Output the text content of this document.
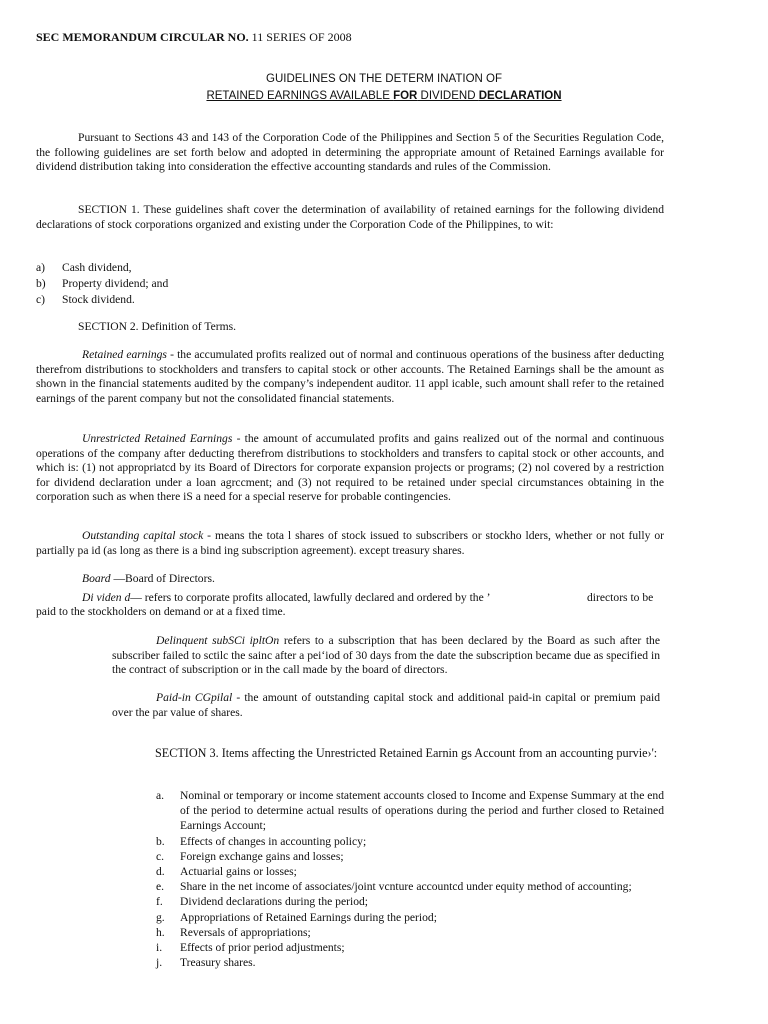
SEC MEMORANDUM CIRCULAR NO. 11 SERIES OF 2008
GUIDELINES ON THE DETERM INATION OF
RETAINED EARNINGS AVAILABLE FOR DIVIDEND DECLARATION
Pursuant to Sections 43 and 143 of the Corporation Code of the Philippines and Section 5 of the Securities Regulation Code, the following guidelines are set forth below and adopted in determining the appropriate amount of Retained Earnings available for dividend distribution taking into consideration the effective accounting standards and rules of the Commission.
SECTION 1. These guidelines shaft cover the determination of availability of retained earnings for the following dividend declarations of stock corporations organized and existing under the Corporation Code of the Philippines, to wit:
a)	Cash dividend,
b)	Property dividend; and
c)	Stock dividend.
SECTION 2. Definition of Terms.
Retained earnings - the accumulated profits realized out of normal and continuous operations of the business after deducting therefrom distributions to stockholders and transfers to capital stock or other accounts. The Retained Earnings shall be the amount as shown in the financial statements audited by the company’s independent auditor. 11 appl icable, such amount shall refer to the retained earnings of the parent company but not the consolidated financial statements.
Unrestricted Retained Earnings - the amount of accumulated profits and gains realized out of the normal and continuous operations of the company after deducting therefrom distributions to stockholders and transfers to capital stock or other accounts, and which is: (1) not appropriatcd by its Board of Directors for corporate expansion projects or programs; (2) nol covered by a restriction for dividend declaration under a loan agrccment; and (3) not required to be retained under special circumstances obtaining in the corporation such as when there iS a need for a special reserve for probable contingencies.
Outstanding capital stock - means the tota l shares of stock issued to subscribers or stockho lders, whether or not fully or partially pa id (as long as there is a bind ing subscription agreement). except treasury shares.
Board —Board of Directors.
Di viden d— refers to corporate profits allocated, lawfully declared and ordered by the ’	directors to be
paid to the stockholders on demand or at a fixed time.
Delinquent subSCi ipltOn refers to a subscription that has been declared by the Board as such after the subscriber failed to sctilc the sainc after a pei‘iod of 30 days from the date the subscription became due as specified in the contract of subscription or in the call made by the board of directors.
Paid-in CGpilal - the amount of outstanding capital stock and additional paid-in capital or premium paid over the par value of shares.
SECTION 3. Items affecting the Unrestricted Retained Earnin gs Account from an accounting purvie›':
a.	Nominal or temporary or income statement accounts closed to Income and Expense Summary at the end of the period to determine actual results of operations during the period and further closed to Retained Earnings Account;
b.	Effects of changes in accounting policy;
c.	Foreign exchange gains and losses;
d.	Actuarial gains or losses;
e.	Share in the net income of associates/joint vcnture accountcd under equity method of accounting;
f.	Dividend declarations during the period;
g.	Appropriations of Retained Earnings during the period;
h.	Reversals of appropriations;
i.	Effects of prior period adjustments;
j.	Treasury shares.
